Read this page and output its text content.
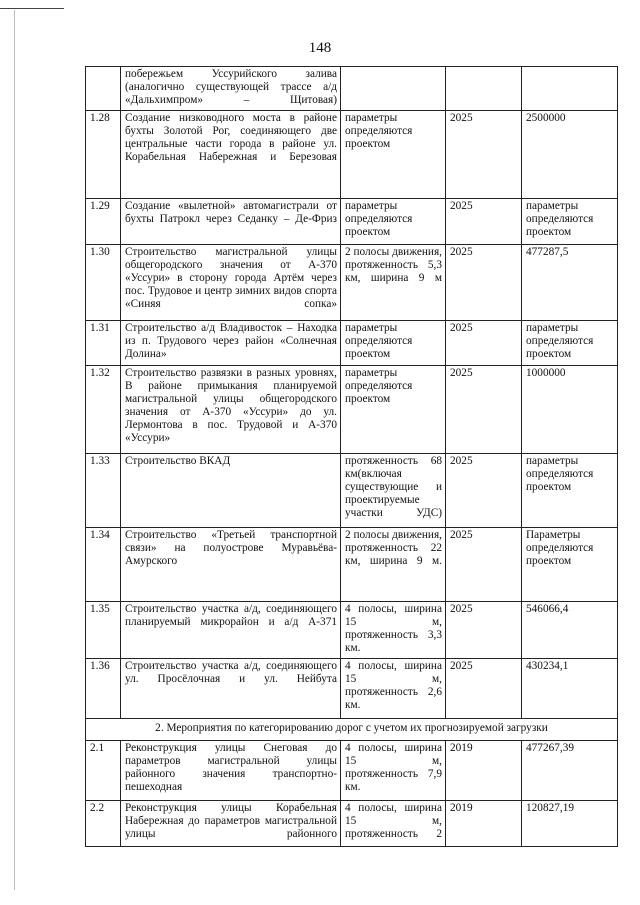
148
	побережьем Уссурийского залива (аналогично существующей трассе а/д «Дальхимпром» – Щитовая)			
1.28	Создание низководного моста в районе бухты Золотой Рог, соединяющего две центральные части города в районе ул. Корабельная Набережная и Березовая	параметры определяются проектом	2025	2500000
1.29	Создание «вылетной» автомагистрали от бухты Патрокл через Седанку – Де-Фриз	параметры определяются проектом	2025	параметры определяются проектом
1.30	Строительство магистральной улицы общегородского значения от А-370 «Уссури» в сторону города Артём через пос. Трудовое и центр зимних видов спорта «Синяя сопка»	2 полосы движения, протяженность 5,3 км, ширина 9 м	2025	477287,5
1.31	Строительство а/д Владивосток – Находка из п. Трудового через район «Солнечная Долина»	параметры определяются проектом	2025	параметры определяются проектом
1.32	Строительство развязки в разных уровнях, В районе примыкания планируемой магистральной улицы общегородского значения от А-370 «Уссури» до ул. Лермонтова в пос. Трудовой и А-370 «Уссури»	параметры определяются проектом	2025	1000000
1.33	Строительство ВКАД	протяженность 68 км(включая существующие и проектируемые участки УДС)	2025	параметры определяются проектом
1.34	Строительство «Третьей транспортной связи» на полуострове Муравьёва-Амурского	2 полосы движения, протяженность 22 км, ширина 9 м.	2025	Параметры определяются проектом
1.35	Строительство участка а/д, соединяющего планируемый микрорайон и а/д А-371	4 полосы, ширина 15 м, протяженность 3,3 км.	2025	546066,4
1.36	Строительство участка а/д, соединяющего ул. Просёлочная и ул. Нейбута	4 полосы, ширина 15 м, протяженность 2,6 км.	2025	430234,1
2. Мероприятия по категорированию дорог с учетом их прогнозируемой загрузки				
2.1	Реконструкция улицы Снеговая до параметров магистральной улицы районного значения транспортно-пешеходная	4 полосы, ширина 15 м, протяженность 7,9 км.	2019	477267,39
2.2	Реконструкция улицы Корабельная Набережная до параметров магистральной улицы районного	4 полосы, ширина 15 м, протяженность 2	2019	120827,19
